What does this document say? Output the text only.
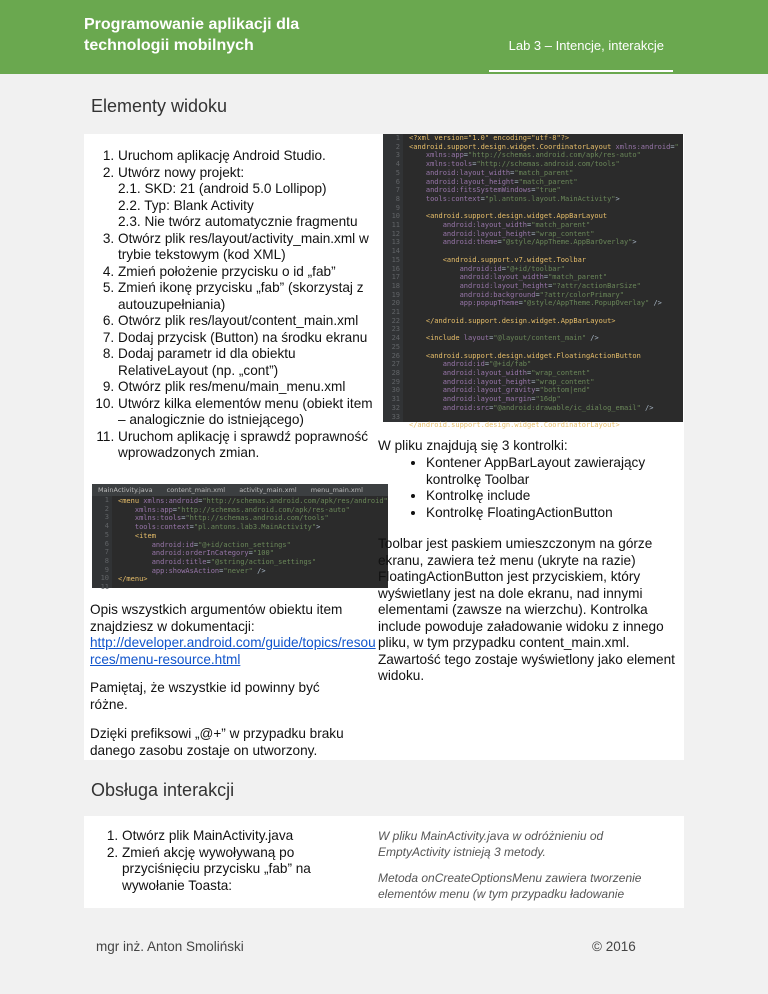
Programowanie aplikacji dla technologii mobilnych	Lab 3 – Intencje, interakcje
Elementy widoku
1. Uruchom aplikację Android Studio.
2. Utwórz nowy projekt:
2.1. SKD: 21 (android 5.0 Lollipop)
2.2. Typ: Blank Activity
2.3. Nie twórz automatycznie fragmentu
3. Otwórz plik res/layout/activity_main.xml w trybie tekstowym (kod XML)
4. Zmień położenie przycisku o id „fab”
5. Zmień ikonę przycisku „fab” (skorzystaj z autouzupełniania)
6. Otwórz plik res/layout/content_main.xml
7. Dodaj przycisk (Button) na środku ekranu
8. Dodaj parametr id dla obiektu RelativeLayout (np. „cont”)
9. Otwórz plik res/menu/main_menu.xml
10. Utwórz kilka elementów menu (obiekt item – analogicznie do istniejącego)
11. Uruchom aplikację i sprawdź poprawność wprowadzonych zmian.
1
2
3
4
5
6
7
8
9
10
11
12
13
14
15
16
17
18
19
20
21
22
23
24
25
26
27
28
29
30
31
32
33
<?xml version="1.0" encoding="utf-8"?>
<android.support.design.widget.CoordinatorLayout xmlns:android="
xmlns:app="http://schemas.android.com/apk/res-auto"
xmlns:tools="http://schemas.android.com/tools"
android:layout_width="match_parent"
android:layout_height="match_parent"
android:fitsSystemWindows="true"
tools:context="pl.antons.layout.MainActivity">

<android.support.design.widget.AppBarLayout
android:layout_width="match_parent"
android:layout_height="wrap_content"
android:theme="@style/AppTheme.AppBarOverlay">

<android.support.v7.widget.Toolbar
android:id="@+id/toolbar"
android:layout_width="match_parent"
android:layout_height="?attr/actionBarSize"
android:background="?attr/colorPrimary"
app:popupTheme="@style/AppTheme.PopupOverlay" />

</android.support.design.widget.AppBarLayout>

<include layout="@layout/content_main" />

<android.support.design.widget.FloatingActionButton
android:id="@+id/fab"
android:layout_width="wrap_content"
android:layout_height="wrap_content"
android:layout_gravity="bottom|end"
android:layout_margin="16dp"
android:src="@android:drawable/ic_dialog_email" />

</android.support.design.widget.CoordinatorLayout>
W pliku znajdują się 3 kontrolki:
• Kontener AppBarLayout zawierający kontrolkę Toolbar
• Kontrolkę include
• Kontrolkę FloatingActionButton
MainActivity.java content_main.xml activity_main.xml menu_main.xml
1
2
3
4
5
6
7
8
9
10
11
<menu xmlns:android="http://schemas.android.com/apk/res/android"
xmlns:app="http://schemas.android.com/apk/res-auto"
xmlns:tools="http://schemas.android.com/tools"
tools:context="pl.antons.lab3.MainActivity">
<item
android:id="@+id/action_settings"
android:orderInCategory="100"
android:title="@string/action_settings"
app:showAsAction="never" />
</menu>
Toolbar jest paskiem umieszczonym na górze ekranu, zawiera też menu (ukryte na razie) FloatingActionButton jest przyciskiem, który wyświetlany jest na dole ekranu, nad innymi elementami (zawsze na wierzchu). Kontrolka include powoduje załadowanie widoku z innego pliku, w tym przypadku content_main.xml. Zawartość tego zostaje wyświetlony jako element widoku.
Opis wszystkich argumentów obiektu item znajdziesz w dokumentacji:
http://developer.android.com/guide/topics/resources/menu-resource.html
Pamiętaj, że wszystkie id powinny być różne.
Dzięki prefiksowi „@+” w przypadku braku danego zasobu zostaje on utworzony.
Obsługa interakcji
1. Otwórz plik MainActivity.java
2. Zmień akcję wywoływaną po przyciśnięciu przycisku „fab” na wywołanie Toasta:
W pliku MainActivity.java w odróżnieniu od EmptyActivity istnieją 3 metody.
Metoda onCreateOptionsMenu zawiera tworzenie elementów menu (w tym przypadku ładowanie
mgr inż. Anton Smoliński	© 2016
